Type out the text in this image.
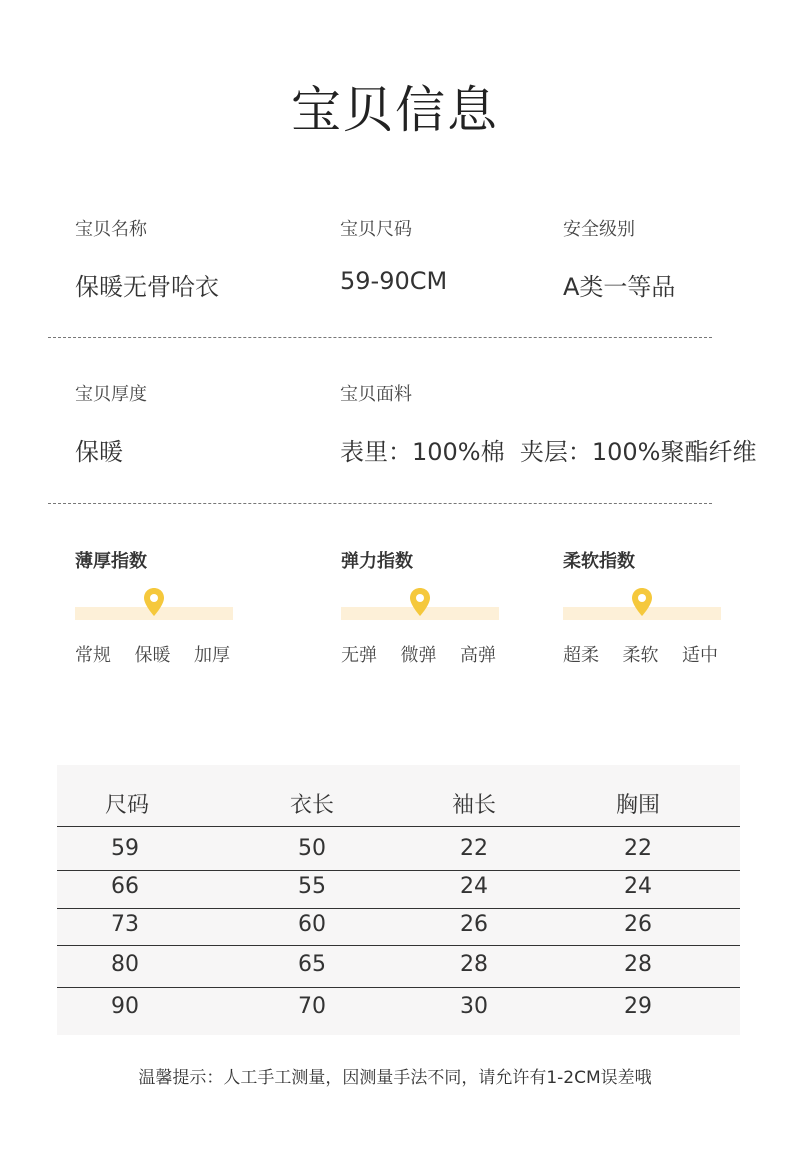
宝贝信息
宝贝名称
保暖无骨哈衣
宝贝尺码
59-90CM
安全级别
A类一等品
宝贝厚度
保暖
宝贝面料
表里：100%棉  夹层：100%聚酯纤维
薄厚指数
常规 保暖 加厚
弹力指数
无弹 微弹 高弹
柔软指数
超柔 柔软 适中
尺码	衣长	袖长	胸围
59	50	22	22
66	55	24	24
73	60	26	26
80	65	28	28
90	70	30	29
温馨提示：人工手工测量，因测量手法不同，请允许有1-2CM误差哦
